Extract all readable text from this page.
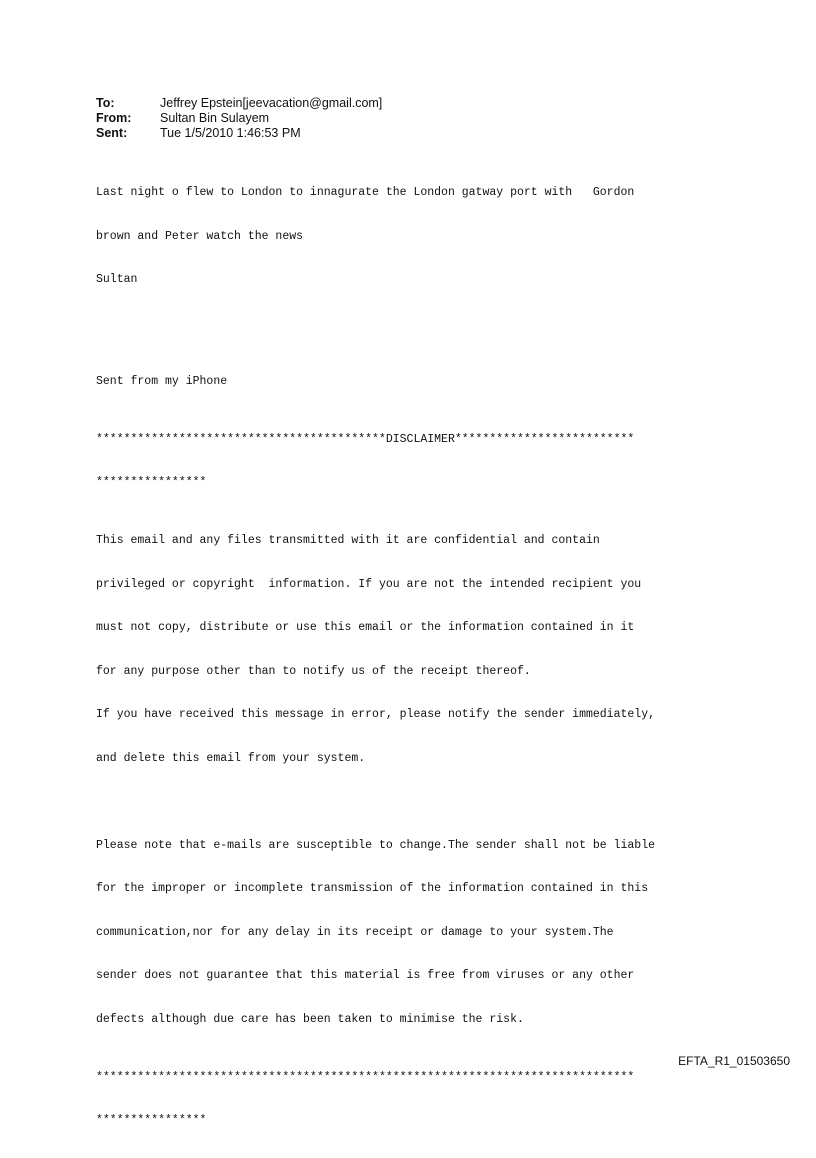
To:	Jeffrey Epstein[jeevacation@gmail.com]
From:	Sultan Bin Sulayem
Sent:	Tue 1/5/2010 1:46:53 PM

Last night o flew to London to innagurate the London gatway port with   Gordon

brown and Peter watch the news

Sultan

Sent from my iPhone

******************************************DISCLAIMER**************************

****************

This email and any files transmitted with it are confidential and contain

privileged or copyright  information. If you are not the intended recipient you

must not copy, distribute or use this email or the information contained in it

for any purpose other than to notify us of the receipt thereof.

If you have received this message in error, please notify the sender immediately,

and delete this email from your system.

Please note that e-mails are susceptible to change.The sender shall not be liable

for the improper or incomplete transmission of the information contained in this

communication,nor for any delay in its receipt or damage to your system.The

sender does not guarantee that this material is free from viruses or any other

defects although due care has been taken to minimise the risk.

******************************************************************************

****************

EFTA_R1_01503650
